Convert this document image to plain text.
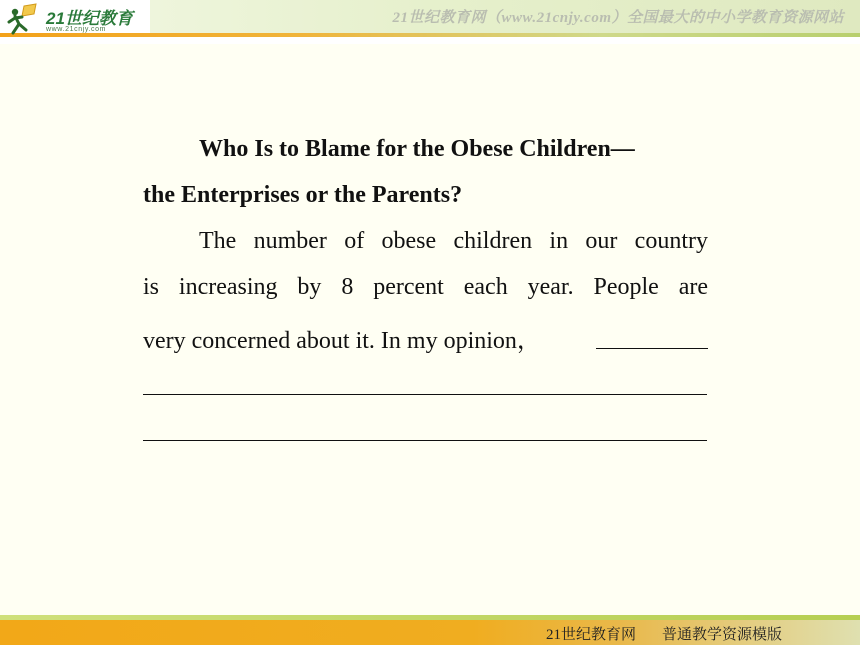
21世纪教育
www.21cnjy.com
21世纪教育网（www.21cnjy.com）全国最大的中小学教育资源网站
Who Is to Blame for the Obese Children—
the Enterprises or the Parents?
The number of obese children in our country
is increasing by 8 percent each year. People are
very concerned about it. In my opinion，
21世纪教育网 普通教学资源模版
